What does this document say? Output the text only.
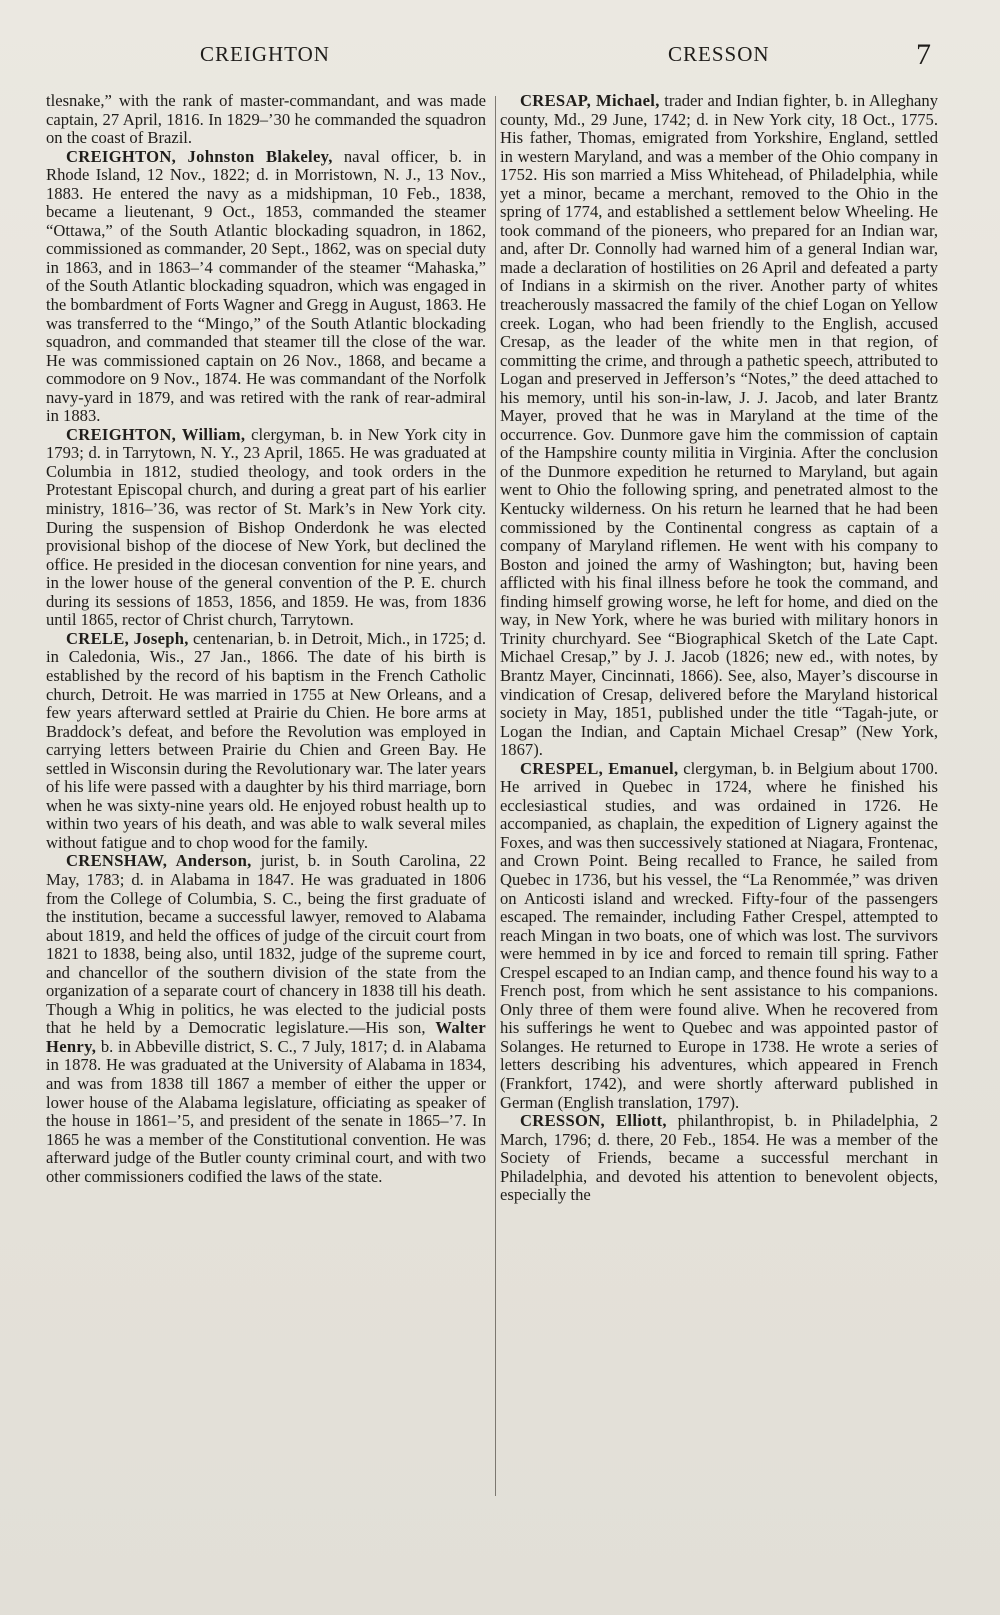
CREIGHTON	CRESSON	7

tlesnake,” with the rank of master-commandant, and was made captain, 27 April, 1816. In 1829–’30 he commanded the squadron on the coast of Brazil.

CREIGHTON, Johnston Blakeley, naval officer, b. in Rhode Island, 12 Nov., 1822; d. in Morristown, N. J., 13 Nov., 1883. He entered the navy as a midshipman, 10 Feb., 1838, became a lieutenant, 9 Oct., 1853, commanded the steamer “Ottawa,” of the South Atlantic blockading squadron, in 1862, commissioned as commander, 20 Sept., 1862, was on special duty in 1863, and in 1863–’4 commander of the steamer “Mahaska,” of the South Atlantic blockading squadron, which was engaged in the bombardment of Forts Wagner and Gregg in August, 1863. He was transferred to the “Mingo,” of the South Atlantic blockading squadron, and commanded that steamer till the close of the war. He was commissioned captain on 26 Nov., 1868, and became a commodore on 9 Nov., 1874. He was commandant of the Norfolk navy-yard in 1879, and was retired with the rank of rear-admiral in 1883.

CREIGHTON, William, clergyman, b. in New York city in 1793; d. in Tarrytown, N. Y., 23 April, 1865. He was graduated at Columbia in 1812, studied theology, and took orders in the Protestant Episcopal church, and during a great part of his earlier ministry, 1816–’36, was rector of St. Mark’s in New York city. During the suspension of Bishop Onderdonk he was elected provisional bishop of the diocese of New York, but declined the office. He presided in the diocesan convention for nine years, and in the lower house of the general convention of the P. E. church during its sessions of 1853, 1856, and 1859. He was, from 1836 until 1865, rector of Christ church, Tarrytown.

CRELE, Joseph, centenarian, b. in Detroit, Mich., in 1725; d. in Caledonia, Wis., 27 Jan., 1866. The date of his birth is established by the record of his baptism in the French Catholic church, Detroit. He was married in 1755 at New Orleans, and a few years afterward settled at Prairie du Chien. He bore arms at Braddock’s defeat, and before the Revolution was employed in carrying letters between Prairie du Chien and Green Bay. He settled in Wisconsin during the Revolutionary war. The later years of his life were passed with a daughter by his third marriage, born when he was sixty-nine years old. He enjoyed robust health up to within two years of his death, and was able to walk several miles without fatigue and to chop wood for the family.

CRENSHAW, Anderson, jurist, b. in South Carolina, 22 May, 1783; d. in Alabama in 1847. He was graduated in 1806 from the College of Columbia, S. C., being the first graduate of the institution, became a successful lawyer, removed to Alabama about 1819, and held the offices of judge of the circuit court from 1821 to 1838, being also, until 1832, judge of the supreme court, and chancellor of the southern division of the state from the organization of a separate court of chancery in 1838 till his death. Though a Whig in politics, he was elected to the judicial posts that he held by a Democratic legislature.—His son, Walter Henry, b. in Abbeville district, S. C., 7 July, 1817; d. in Alabama in 1878. He was graduated at the University of Alabama in 1834, and was from 1838 till 1867 a member of either the upper or lower house of the Alabama legislature, officiating as speaker of the house in 1861–’5, and president of the senate in 1865–’7. In 1865 he was a member of the Constitutional convention. He was afterward judge of the Butler county criminal court, and with two other commissioners codified the laws of the state.

CRESAP, Michael, trader and Indian fighter, b. in Alleghany county, Md., 29 June, 1742; d. in New York city, 18 Oct., 1775. His father, Thomas, emigrated from Yorkshire, England, settled in western Maryland, and was a member of the Ohio company in 1752. His son married a Miss Whitehead, of Philadelphia, while yet a minor, became a merchant, removed to the Ohio in the spring of 1774, and established a settlement below Wheeling. He took command of the pioneers, who prepared for an Indian war, and, after Dr. Connolly had warned him of a general Indian war, made a declaration of hostilities on 26 April and defeated a party of Indians in a skirmish on the river. Another party of whites treacherously massacred the family of the chief Logan on Yellow creek. Logan, who had been friendly to the English, accused Cresap, as the leader of the white men in that region, of committing the crime, and through a pathetic speech, attributed to Logan and preserved in Jefferson’s “Notes,” the deed attached to his memory, until his son-in-law, J. J. Jacob, and later Brantz Mayer, proved that he was in Maryland at the time of the occurrence. Gov. Dunmore gave him the commission of captain of the Hampshire county militia in Virginia. After the conclusion of the Dunmore expedition he returned to Maryland, but again went to Ohio the following spring, and penetrated almost to the Kentucky wilderness. On his return he learned that he had been commissioned by the Continental congress as captain of a company of Maryland riflemen. He went with his company to Boston and joined the army of Washington; but, having been afflicted with his final illness before he took the command, and finding himself growing worse, he left for home, and died on the way, in New York, where he was buried with military honors in Trinity churchyard. See “Biographical Sketch of the Late Capt. Michael Cresap,” by J. J. Jacob (1826; new ed., with notes, by Brantz Mayer, Cincinnati, 1866). See, also, Mayer’s discourse in vindication of Cresap, delivered before the Maryland historical society in May, 1851, published under the title “Tagah-jute, or Logan the Indian, and Captain Michael Cresap” (New York, 1867).

CRESPEL, Emanuel, clergyman, b. in Belgium about 1700. He arrived in Quebec in 1724, where he finished his ecclesiastical studies, and was ordained in 1726. He accompanied, as chaplain, the expedition of Lignery against the Foxes, and was then successively stationed at Niagara, Frontenac, and Crown Point. Being recalled to France, he sailed from Quebec in 1736, but his vessel, the “La Renommée,” was driven on Anticosti island and wrecked. Fifty-four of the passengers escaped. The remainder, including Father Crespel, attempted to reach Mingan in two boats, one of which was lost. The survivors were hemmed in by ice and forced to remain till spring. Father Crespel escaped to an Indian camp, and thence found his way to a French post, from which he sent assistance to his companions. Only three of them were found alive. When he recovered from his sufferings he went to Quebec and was appointed pastor of Solanges. He returned to Europe in 1738. He wrote a series of letters describing his adventures, which appeared in French (Frankfort, 1742), and were shortly afterward published in German (English translation, 1797).

CRESSON, Elliott, philanthropist, b. in Philadelphia, 2 March, 1796; d. there, 20 Feb., 1854. He was a member of the Society of Friends, became a successful merchant in Philadelphia, and devoted his attention to benevolent objects, especially the
